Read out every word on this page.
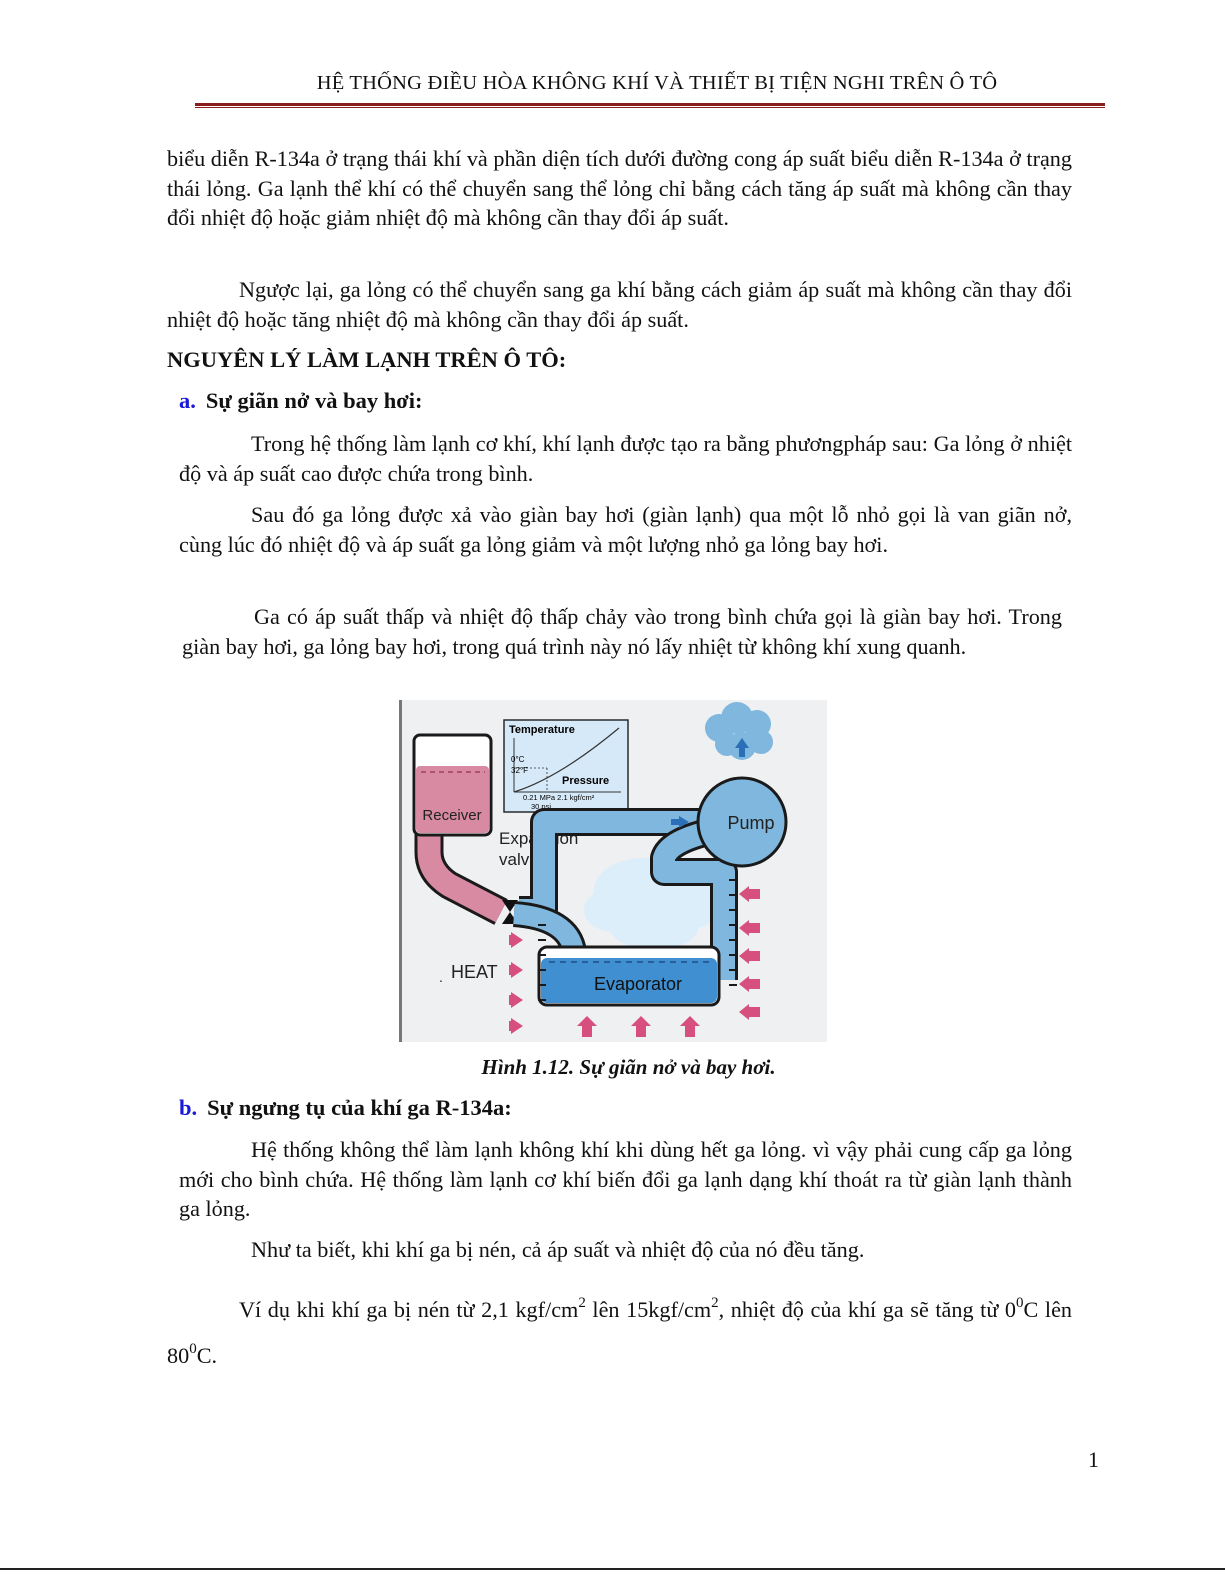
HỆ THỐNG ĐIỀU HÒA KHÔNG KHÍ VÀ THIẾT BỊ TIỆN NGHI TRÊN Ô TÔ

biểu diễn R-134a ở trạng thái khí và phần diện tích dưới đường cong áp suất biểu diễn R-134a ở trạng thái lỏng. Ga lạnh thể khí có thể chuyển sang thể lỏng chỉ bằng cách tăng áp suất mà không cần thay đổi nhiệt độ hoặc giảm nhiệt độ mà không cần thay đổi áp suất.

Ngược lại, ga lỏng có thể chuyển sang ga khí bằng cách giảm áp suất mà không cần thay đổi nhiệt độ hoặc tăng nhiệt độ mà không cần thay đổi áp suất.

NGUYÊN LÝ LÀM LẠNH TRÊN Ô TÔ:
a. Sự giãn nở và bay hơi:

Trong hệ thống làm lạnh cơ khí, khí lạnh được tạo ra bằng phươngpháp sau: Ga lỏng ở nhiệt độ và áp suất cao được chứa trong bình.

Sau đó ga lỏng được xả vào giàn bay hơi (giàn lạnh) qua một lỗ nhỏ gọi là van giãn nở, cùng lúc đó nhiệt độ và áp suất ga lỏng giảm và một lượng nhỏ ga lỏng bay hơi.

Ga có áp suất thấp và nhiệt độ thấp chảy vào trong bình chứa gọi là giàn bay hơi. Trong giàn bay hơi, ga lỏng bay hơi, trong quá trình này nó lấy nhiệt từ không khí xung quanh.

Temperature
0°C
32°F
Pressure
0.21 MPa 2.1 kgf/cm²
30 psi
Receiver
Expansion
valve
Pump
Evaporator
HEAT
.
Hình 1.12. Sự giãn nở và bay hơi.
b. Sự ngưng tụ của khí ga R-134a:

Hệ thống không thể làm lạnh không khí khi dùng hết ga lỏng. vì vậy phải cung cấp ga lỏng mới cho bình chứa. Hệ thống làm lạnh cơ khí biến đổi ga lạnh dạng khí thoát ra từ giàn lạnh thành ga lỏng.

Như ta biết, khi khí ga bị nén, cả áp suất và nhiệt độ của nó đều tăng.

Ví dụ khi khí ga bị nén từ 2,1 kgf/$cm^2$ lên $15kgf/cm^2$, nhiệt độ của khí ga sẽ tăng từ $0^0C$ lên $80^0C$.

1
